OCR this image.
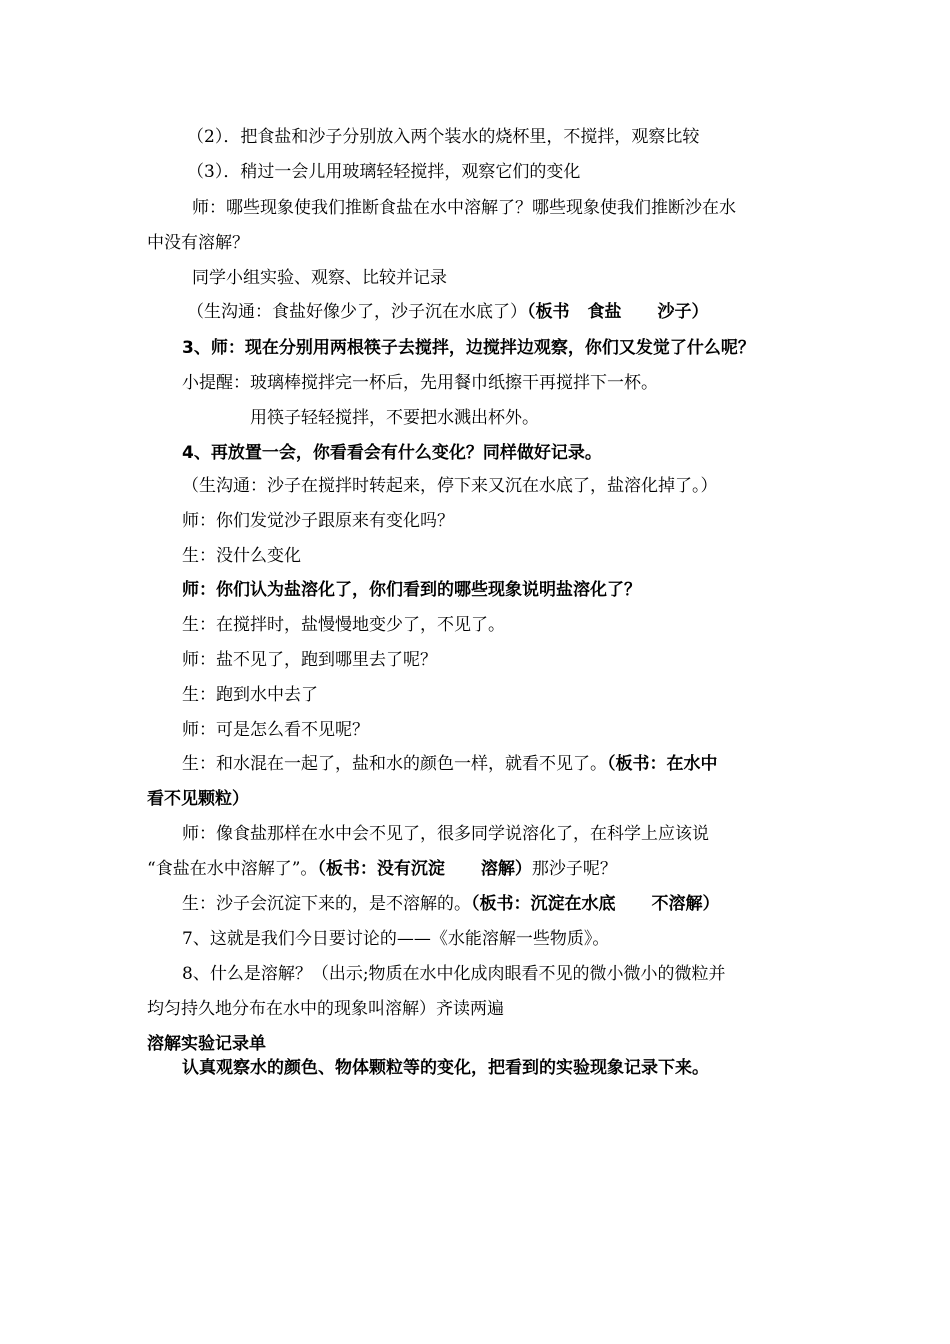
（2）．把食盐和沙子分别放入两个装水的烧杯里，不搅拌，观察比较
（3）．稍过一会儿用玻璃轻轻搅拌，观察它们的变化
师：哪些现象使我们推断食盐在水中溶解了？哪些现象使我们推断沙在水
中没有溶解？
同学小组实验、观察、比较并记录
（生沟通：食盐好像少了，沙子沉在水底了）（板书 食盐 沙子）
3、师：现在分别用两根筷子去搅拌，边搅拌边观察，你们又发觉了什么呢？
小提醒：玻璃棒搅拌完一杯后，先用餐巾纸擦干再搅拌下一杯。
用筷子轻轻搅拌，不要把水溅出杯外。
4、再放置一会，你看看会有什么变化？同样做好记录。
（生沟通：沙子在搅拌时转起来，停下来又沉在水底了，盐溶化掉了。）
师：你们发觉沙子跟原来有变化吗？
生：没什么变化
师：你们认为盐溶化了，你们看到的哪些现象说明盐溶化了？
生：在搅拌时，盐慢慢地变少了，不见了。
师：盐不见了，跑到哪里去了呢？
生：跑到水中去了
师：可是怎么看不见呢？
生：和水混在一起了，盐和水的颜色一样，就看不见了。（板书：在水中
看不见颗粒）
师：像食盐那样在水中会不见了，很多同学说溶化了，在科学上应该说
“食盐在水中溶解了”。（板书：没有沉淀 溶解）那沙子呢？
生：沙子会沉淀下来的，是不溶解的。（板书：沉淀在水底 不溶解）
7、这就是我们今日要讨论的——《水能溶解一些物质》。
8、什么是溶解？（出示;物质在水中化成肉眼看不见的微小微小的微粒并
均匀持久地分布在水中的现象叫溶解）齐读两遍
溶解实验记录单
认真观察水的颜色、物体颗粒等的变化，把看到的实验现象记录下来。
